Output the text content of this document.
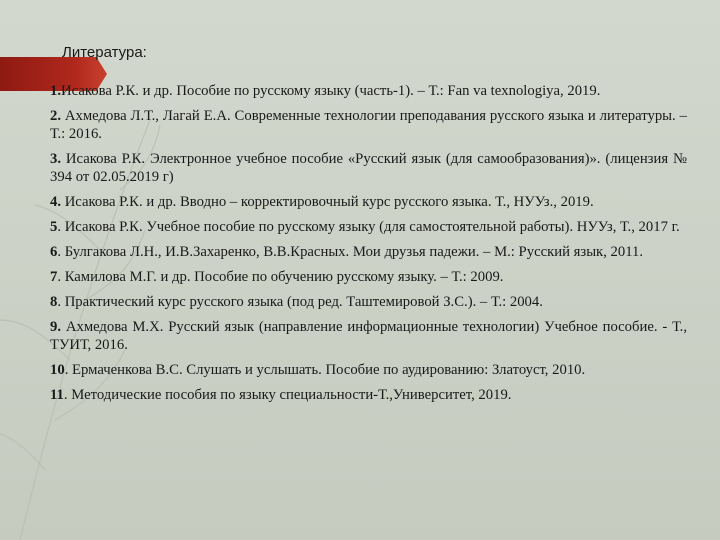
Литература:

1.Исакова Р.К. и др. Пособие по русскому языку (часть-1). – Т.: Fan va texnologiya, 2019.

2. Ахмедова Л.Т., Лагай Е.А. Современные технологии преподавания русского языка и литературы. – Т.: 2016.

3. Исакова Р.К. Электронное учебное пособие «Русский язык (для самообразования)». (лицензия № 394 от 02.05.2019 г)

4. Исакова Р.К. и др. Вводно – корректировочный курс русского языка. Т., НУУз., 2019.

5. Исакова Р.К. Учебное пособие по русскому языку (для самостоятельной работы). НУУз, Т., 2017 г.

6. Булгакова Л.Н., И.В.Захаренко, В.В.Красных. Мои друзья падежи. – М.: Русский язык, 2011.

7. Камилова М.Г. и др. Пособие по обучению русскому языку. – Т.: 2009.

8. Практический курс русского языка (под ред. Таштемировой З.С.). – Т.: 2004.

9. Ахмедова М.Х. Русский язык (направление информационные технологии) Учебное пособие. - Т., ТУИТ, 2016.

10. Ермаченкова В.С. Слушать и услышать. Пособие по аудированию: Златоуст, 2010.

11. Методические пособия по языку специальности-Т.,Университет, 2019.
